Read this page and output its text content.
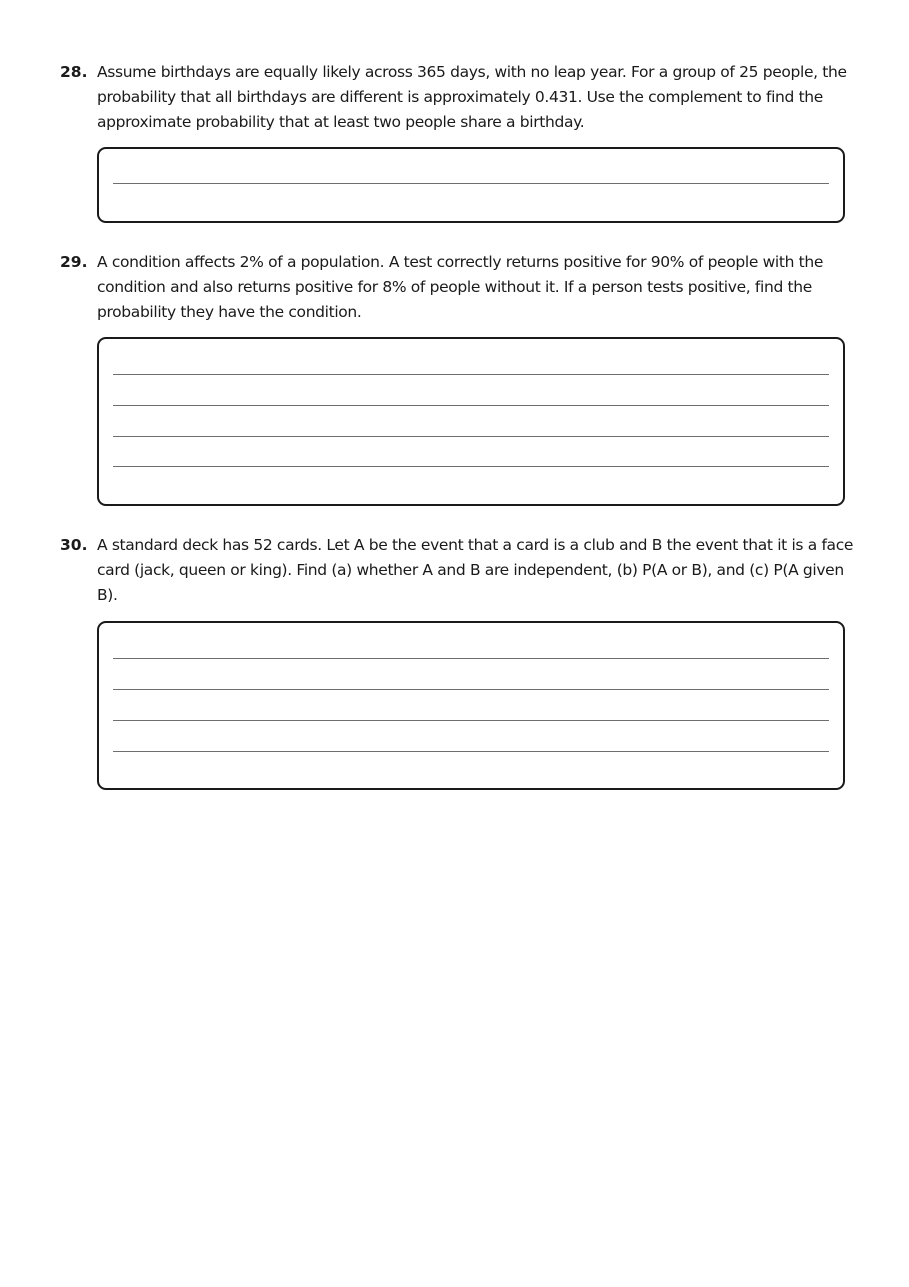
28. Assume birthdays are equally likely across 365 days, with no leap year. For a group of 25 people, the probability that all birthdays are different is approximately 0.431. Use the complement to find the approximate probability that at least two people share a birthday.
29. A condition affects 2% of a population. A test correctly returns positive for 90% of people with the condition and also returns positive for 8% of people without it. If a person tests positive, find the probability they have the condition.
30. A standard deck has 52 cards. Let A be the event that a card is a club and B the event that it is a face card (jack, queen or king). Find (a) whether A and B are independent, (b) P(A or B), and (c) P(A given B).
